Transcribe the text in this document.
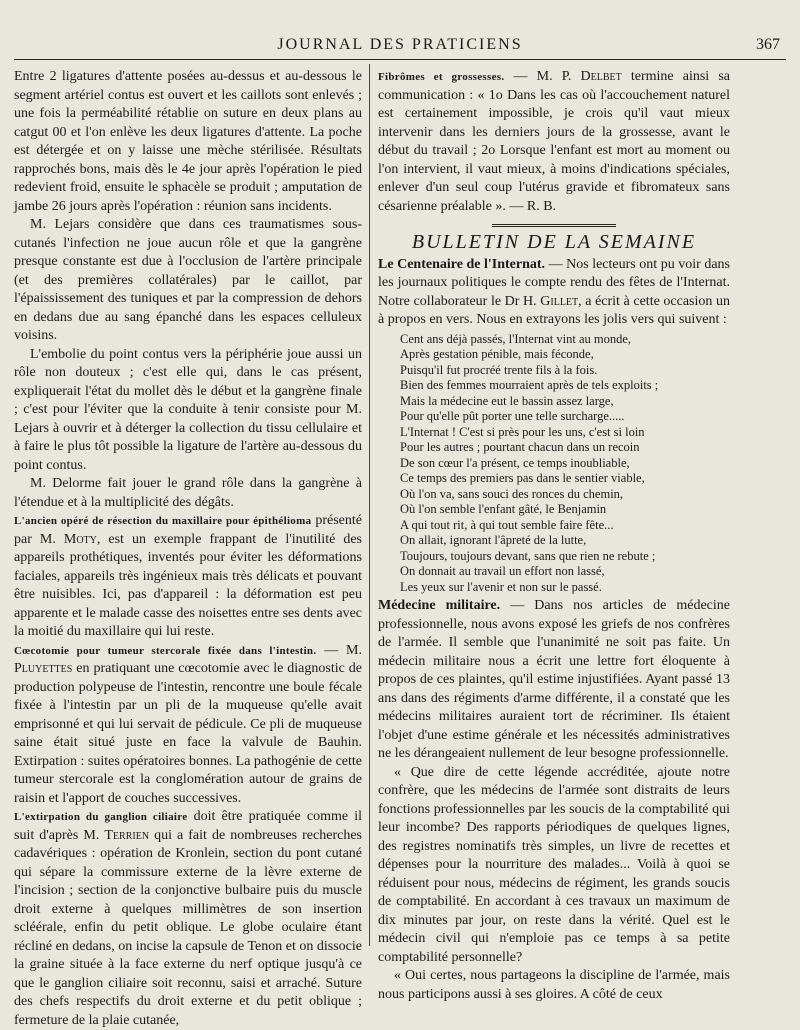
JOURNAL DES PRATICIENS	367

Entre 2 ligatures d'attente posées au-dessus et au-dessous le segment artériel contus est ouvert et les caillots sont enlevés ; une fois la perméabilité rétablie on suture en deux plans au catgut 00 et l'on enlève les deux ligatures d'attente. La poche est détergée et on y laisse une mèche stérilisée. Résultats rapprochés bons, mais dès le 4e jour après l'opération le pied redevient froid, ensuite le sphacèle se produit ; amputation de jambe 26 jours après l'opération : réunion sans incidents.

M. Lejars considère que dans ces traumatismes sous-cutanés l'infection ne joue aucun rôle et que la gangrène presque constante est due à l'occlusion de l'artère principale (et des premières collatérales) par le caillot, par l'épaississement des tuniques et par la compression de dehors en dedans due au sang épanché dans les espaces celluleux voisins.

L'embolie du point contus vers la périphérie joue aussi un rôle non douteux ; c'est elle qui, dans le cas présent, expliquerait l'état du mollet dès le début et la gangrène finale ; c'est pour l'éviter que la conduite à tenir consiste pour M. Lejars à ouvrir et à déterger la collection du tissu cellulaire et à faire le plus tôt possible la ligature de l'artère au-dessous du point contus.

M. Delorme fait jouer le grand rôle dans la gangrène à l'étendue et à la multiplicité des dégâts.

L'ancien opéré de résection du maxillaire pour épithélioma présenté par M. Moty, est un exemple frappant de l'inutilité des appareils prothétiques, inventés pour éviter les déformations faciales, appareils très ingénieux mais très délicats et pouvant être nuisibles. Ici, pas d'appareil : la déformation est peu apparente et le malade casse des noisettes entre ses dents avec la moitié du maxillaire qui lui reste.

Cœcotomie pour tumeur stercorale fixée dans l'intestin. — M. Pluyettes en pratiquant une cœcotomie avec le diagnostic de production polypeuse de l'intestin, rencontre une boule fécale fixée à l'intestin par un pli de la muqueuse qu'elle avait emprisonné et qui lui servait de pédicule. Ce pli de muqueuse saine était situé juste en face la valvule de Bauhin. Extirpation : suites opératoires bonnes. La pathogénie de cette tumeur stercorale est la conglomération autour de grains de raisin et l'apport de couches successives.

L'extirpation du ganglion ciliaire doit être pratiquée comme il suit d'après M. Terrien qui a fait de nombreuses recherches cadavériques : opération de Kronlein, section du pont cutané qui sépare la commissure externe de la lèvre externe de l'incision ; section de la conjonctive bulbaire puis du muscle droit externe à quelques millimètres de son insertion scléérale, enfin du petit oblique. Le globe oculaire étant récliné en dedans, on incise la capsule de Tenon et on dissocie la graine située à la face externe du nerf optique jusqu'à ce que le ganglion ciliaire soit reconnu, saisi et arraché. Suture des chefs respectifs du droit externe et du petit oblique ; fermeture de la plaie cutanée,

Fibrômes et grossesses. — M. P. Delbet termine ainsi sa communication : « 1o Dans les cas où l'accouchement naturel est certainement impossible, je crois qu'il vaut mieux intervenir dans les derniers jours de la grossesse, avant le début du travail ; 2o Lorsque l'enfant est mort au moment ou l'on intervient, il vaut mieux, à moins d'indications spéciales, enlever d'un seul coup l'utérus gravide et fibromateux sans césarienne préalable ». — R. B.

BULLETIN DE LA SEMAINE

Le Centenaire de l'Internat. — Nos lecteurs ont pu voir dans les journaux politiques le compte rendu des fêtes de l'Internat. Notre collaborateur le Dr H. Gillet, a écrit à cette occasion un à propos en vers. Nous en extrayons les jolis vers qui suivent :

Cent ans déjà passés, l'Internat vint au monde,
Après gestation pénible, mais féconde,
Puisqu'il fut procréé trente fils à la fois.
Bien des femmes mourraient après de tels exploits ;
Mais la médecine eut le bassin assez large,
Pour qu'elle pût porter une telle surcharge.....
L'Internat ! C'est si près pour les uns, c'est si loin
Pour les autres ; pourtant chacun dans un recoin
De son cœur l'a présent, ce temps inoubliable,
Ce temps des premiers pas dans le sentier viable,
Où l'on va, sans souci des ronces du chemin,
Où l'on semble l'enfant gâté, le Benjamin
A qui tout rit, à qui tout semble faire fête...
On allait, ignorant l'âpreté de la lutte,
Toujours, toujours devant, sans que rien ne rebute ;
On donnait au travail un effort non lassé,
Les yeux sur l'avenir et non sur le passé.

Médecine militaire. — Dans nos articles de médecine professionnelle, nous avons exposé les griefs de nos confrères de l'armée. Il semble que l'unanimité ne soit pas faite. Un médecin militaire nous a écrit une lettre fort éloquente à propos de ces plaintes, qu'il estime injustifiées. Ayant passé 13 ans dans des régiments d'arme différente, il a constaté que les médecins militaires auraient tort de récriminer. Ils étaient l'objet d'une estime générale et les nécessités administratives ne les dérangeaient nullement de leur besogne professionnelle.

« Que dire de cette légende accréditée, ajoute notre confrère, que les médecins de l'armée sont distraits de leurs fonctions professionnelles par les soucis de la comptabilité qui leur incombe? Des rapports périodiques de quelques lignes, des registres nominatifs très simples, un livre de recettes et dépenses pour la nourriture des malades... Voilà à quoi se réduisent pour nous, médecins de régiment, les grands soucis de comptabilité. En accordant à ces travaux un maximum de dix minutes par jour, on reste dans la vérité. Quel est le médecin civil qui n'emploie pas ce temps à sa petite comptabilité personnelle?

« Oui certes, nous partageons la discipline de l'armée, mais nous participons aussi à ses gloires. A côté de ceux
